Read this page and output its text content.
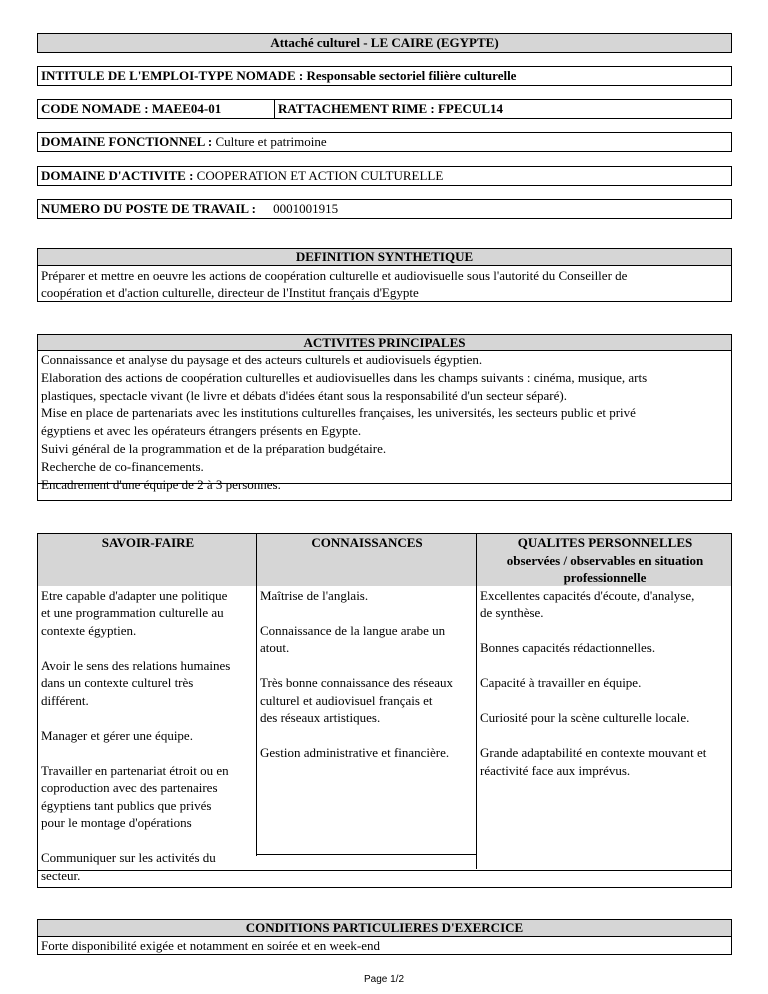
Attaché culturel - LE CAIRE (EGYPTE)
INTITULE DE L'EMPLOI-TYPE NOMADE : Responsable sectoriel filière culturelle
CODE NOMADE : MAEE04-01	RATTACHEMENT RIME : FPECUL14
DOMAINE FONCTIONNEL : Culture et patrimoine
DOMAINE D'ACTIVITE : COOPERATION ET ACTION CULTURELLE
NUMERO DU POSTE DE TRAVAIL : 0001001915
DEFINITION SYNTHETIQUE
Préparer et mettre en oeuvre les actions de coopération culturelle et audiovisuelle sous l'autorité du Conseiller de
coopération et d'action culturelle, directeur de l'Institut français d'Egypte
ACTIVITES PRINCIPALES
Connaissance et analyse du paysage et des acteurs culturels et audiovisuels égyptien.
Elaboration des actions de coopération culturelles et audiovisuelles dans les champs suivants : cinéma, musique, arts
plastiques, spectacle vivant (le livre et débats d'idées étant sous la responsabilité d'un secteur séparé).
Mise en place de partenariats avec les institutions culturelles françaises, les universités, les secteurs public et privé
égyptiens et avec les opérateurs étrangers présents en Egypte.
Suivi général de la programmation et de la préparation budgétaire.
Recherche de co-financements.
Encadrement d'une équipe de 2 à 3 personnes.
SAVOIR-FAIRE

Etre capable d'adapter une politique
et une programmation culturelle au
contexte égyptien.

Avoir le sens des relations humaines
dans un contexte culturel très
différent.

Manager et gérer une équipe.

Travailler en partenariat étroit ou en
coproduction avec des partenaires
égyptiens tant publics que privés
pour le montage d'opérations

Communiquer sur les activités du
secteur.

CONNAISSANCES

Maîtrise de l'anglais.

Connaissance de la langue arabe un
atout.

Très bonne connaissance des réseaux
culturel et audiovisuel français et
des réseaux artistiques.

Gestion administrative et financière.

QUALITES PERSONNELLES
observées / observables en situation
professionnelle

Excellentes capacités d'écoute, d'analyse,
de synthèse.

Bonnes capacités rédactionnelles.

Capacité à travailler en équipe.

Curiosité pour la scène culturelle locale.

Grande adaptabilité en contexte mouvant et
réactivité face aux imprévus.

CONDITIONS PARTICULIERES D'EXERCICE
Forte disponibilité exigée et notamment en soirée et en week-end
Page 1/2
